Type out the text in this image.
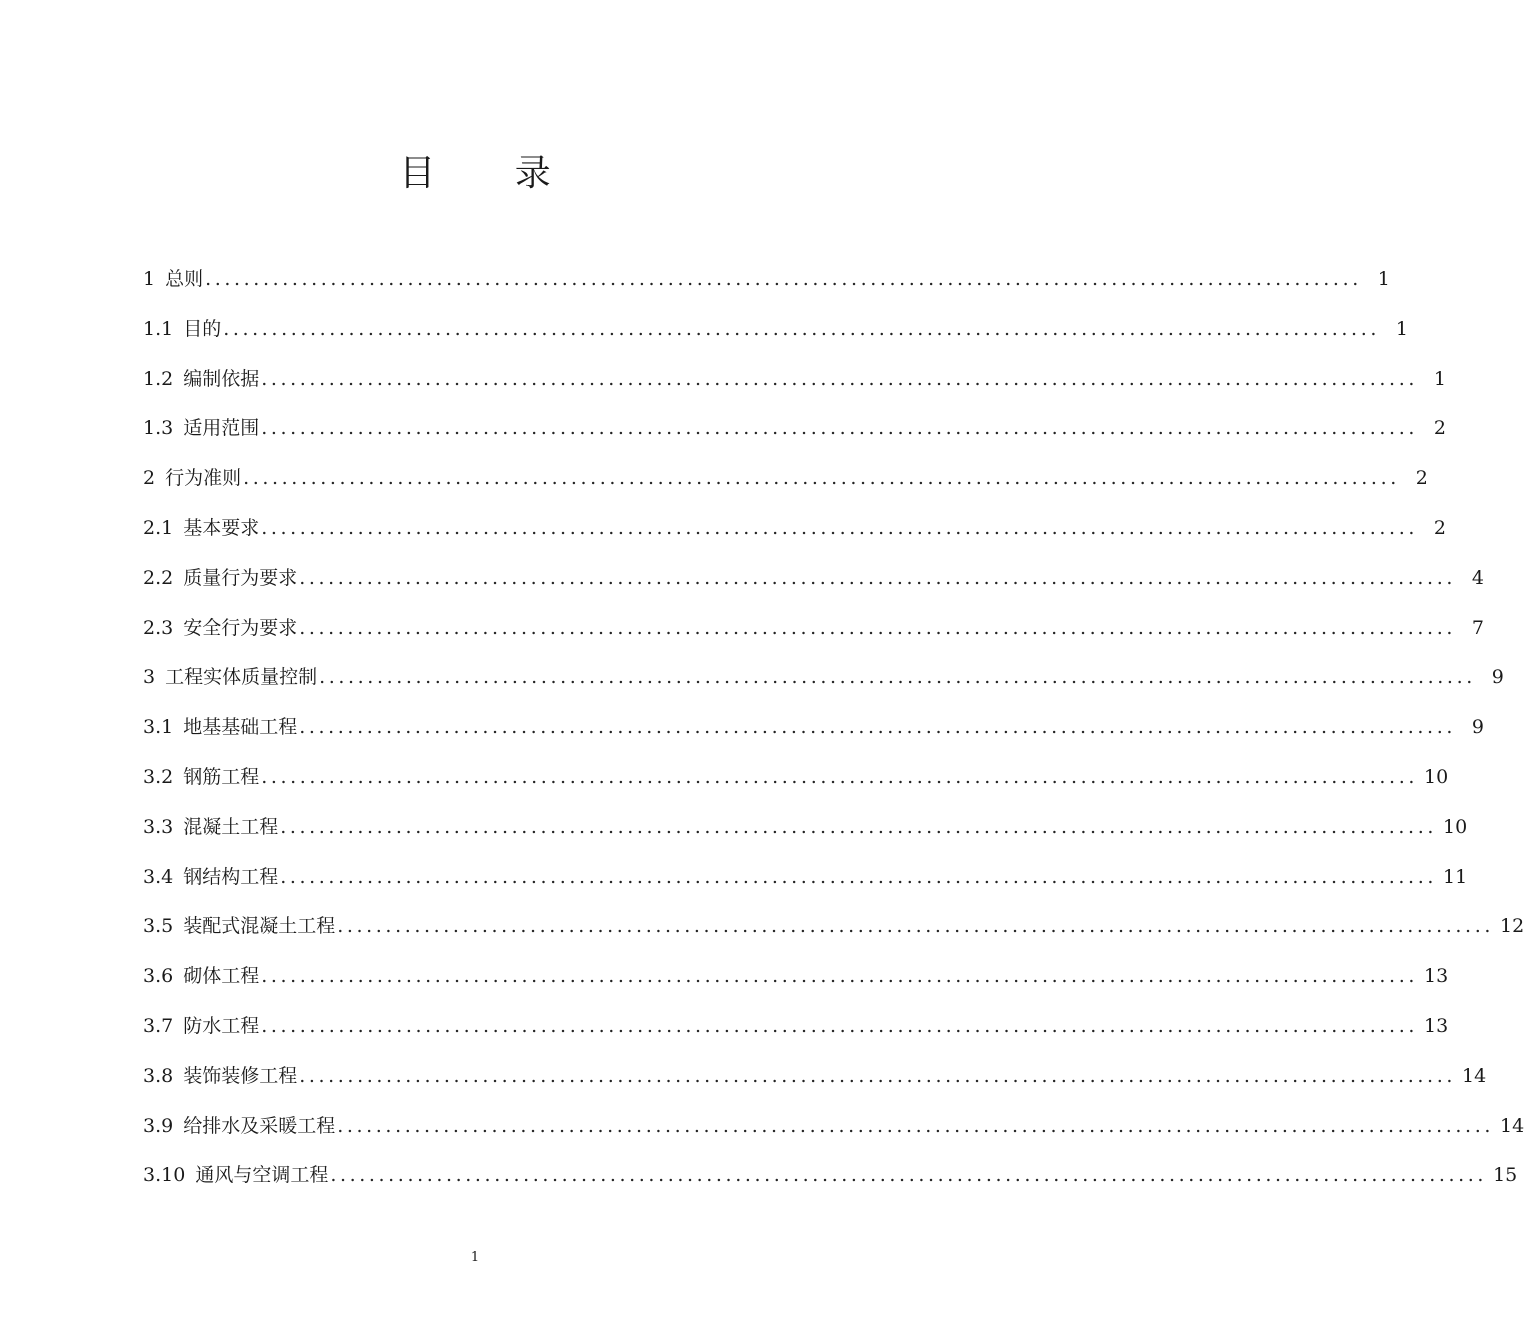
目 录
1 总则 ........................................................................................................................ 1
1.1 目的 ........................................................................................................................ 1
1.2 编制依据 ........................................................................................................................ 1
1.3 适用范围 ........................................................................................................................ 2
2 行为准则 ........................................................................................................................ 2
2.1 基本要求 ........................................................................................................................ 2
2.2 质量行为要求 ........................................................................................................................ 4
2.3 安全行为要求 ........................................................................................................................ 7
3 工程实体质量控制 ........................................................................................................................ 9
3.1 地基基础工程 ........................................................................................................................ 9
3.2 钢筋工程 ........................................................................................................................ 10
3.3 混凝土工程 ........................................................................................................................ 10
3.4 钢结构工程 ........................................................................................................................ 11
3.5 装配式混凝土工程 ........................................................................................................................ 12
3.6 砌体工程 ........................................................................................................................ 13
3.7 防水工程 ........................................................................................................................ 13
3.8 装饰装修工程 ........................................................................................................................ 14
3.9 给排水及采暖工程 ........................................................................................................................ 14
3.10 通风与空调工程 ........................................................................................................................ 15
1
